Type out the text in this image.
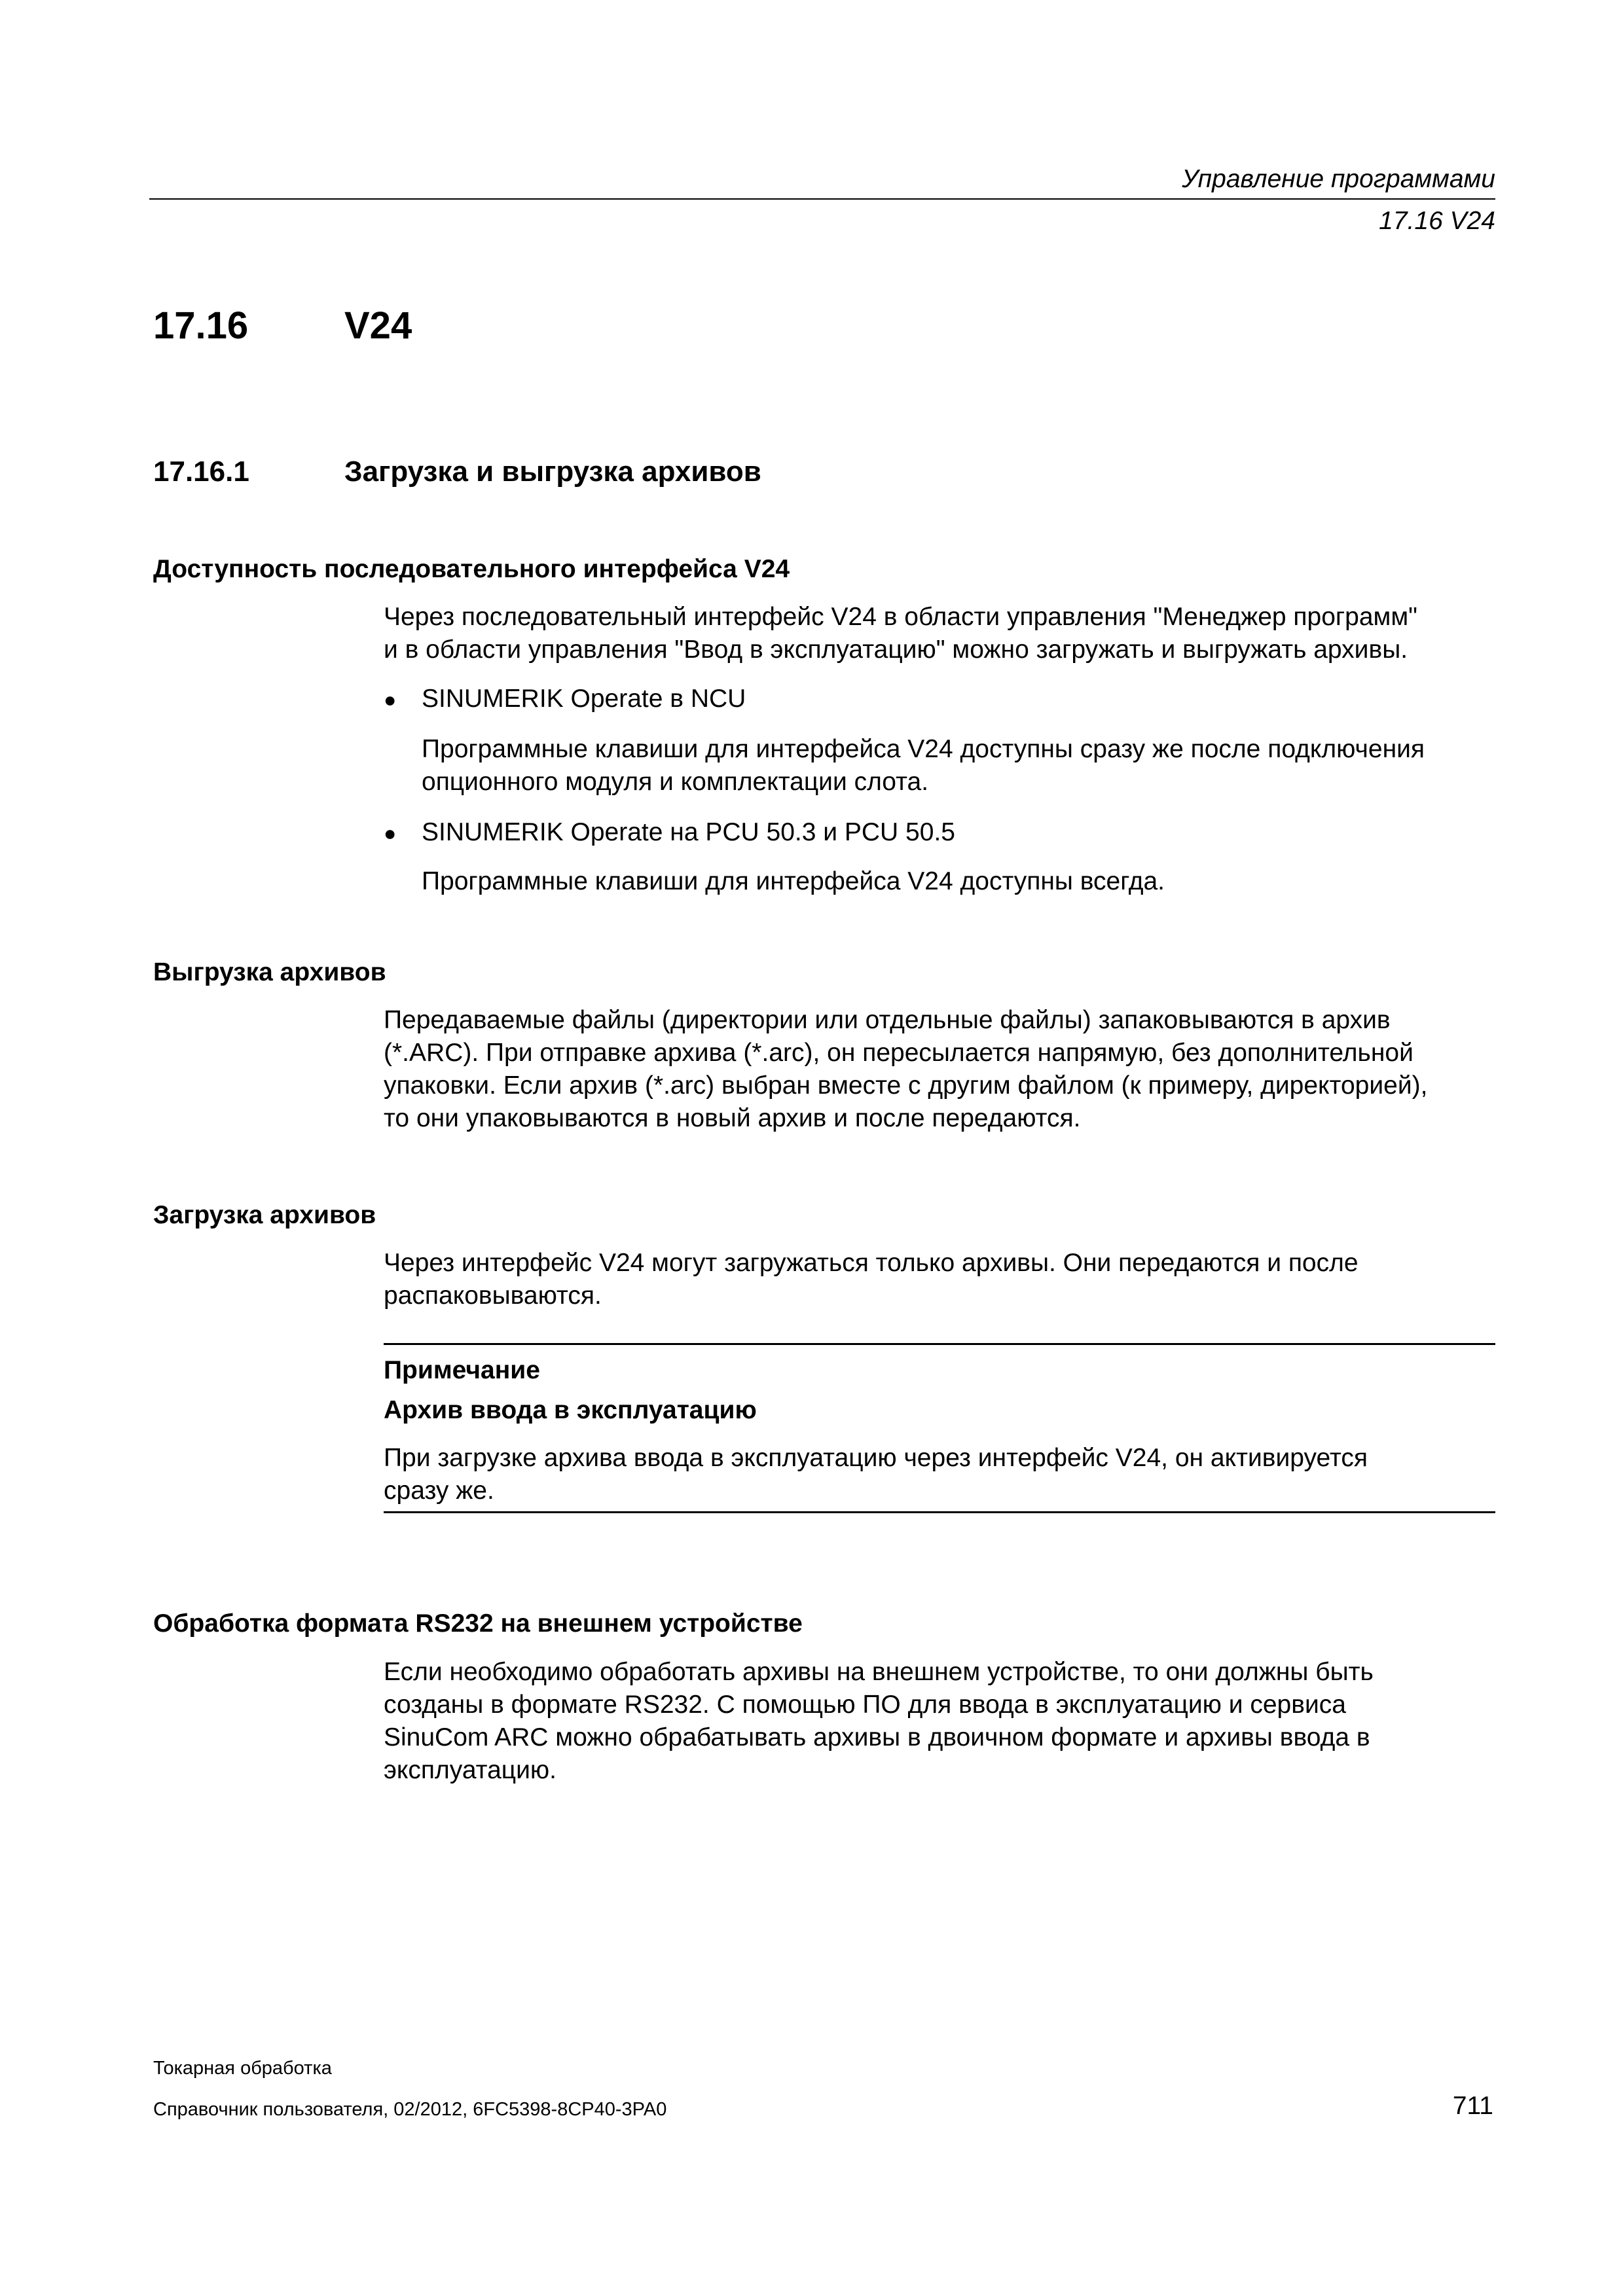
Управление программами
17.16 V24
17.16	V24
17.16.1	Загрузка и выгрузка архивов
Доступность последовательного интерфейса V24
Через последовательный интерфейс V24 в области управления "Менеджер программ"
и в области управления "Ввод в эксплуатацию" можно загружать и выгружать архивы.
● SINUMERIK Operate в NCU
Программные клавиши для интерфейса V24 доступны сразу же после подключения
опционного модуля и комплектации слота.
● SINUMERIK Operate на PCU 50.3 и PCU 50.5
Программные клавиши для интерфейса V24 доступны всегда.
Выгрузка архивов
Передаваемые файлы (директории или отдельные файлы) запаковываются в архив
(*.ARC). При отправке архива (*.arc), он пересылается напрямую, без дополнительной
упаковки. Если архив (*.arc) выбран вместе с другим файлом (к примеру, директорией),
то они упаковываются в новый архив и после передаются.
Загрузка архивов
Через интерфейс V24 могут загружаться только архивы. Они передаются и после
распаковываются.
Примечание
Архив ввода в эксплуатацию
При загрузке архива ввода в эксплуатацию через интерфейс V24, он активируется
сразу же.
Обработка формата RS232 на внешнем устройстве
Если необходимо обработать архивы на внешнем устройстве, то они должны быть
созданы в формате RS232. С помощью ПО для ввода в эксплуатацию и сервиса
SinuCom ARC можно обрабатывать архивы в двоичном формате и архивы ввода в
эксплуатацию.
Токарная обработка
Справочник пользователя, 02/2012, 6FC5398-8CP40-3PA0	711
